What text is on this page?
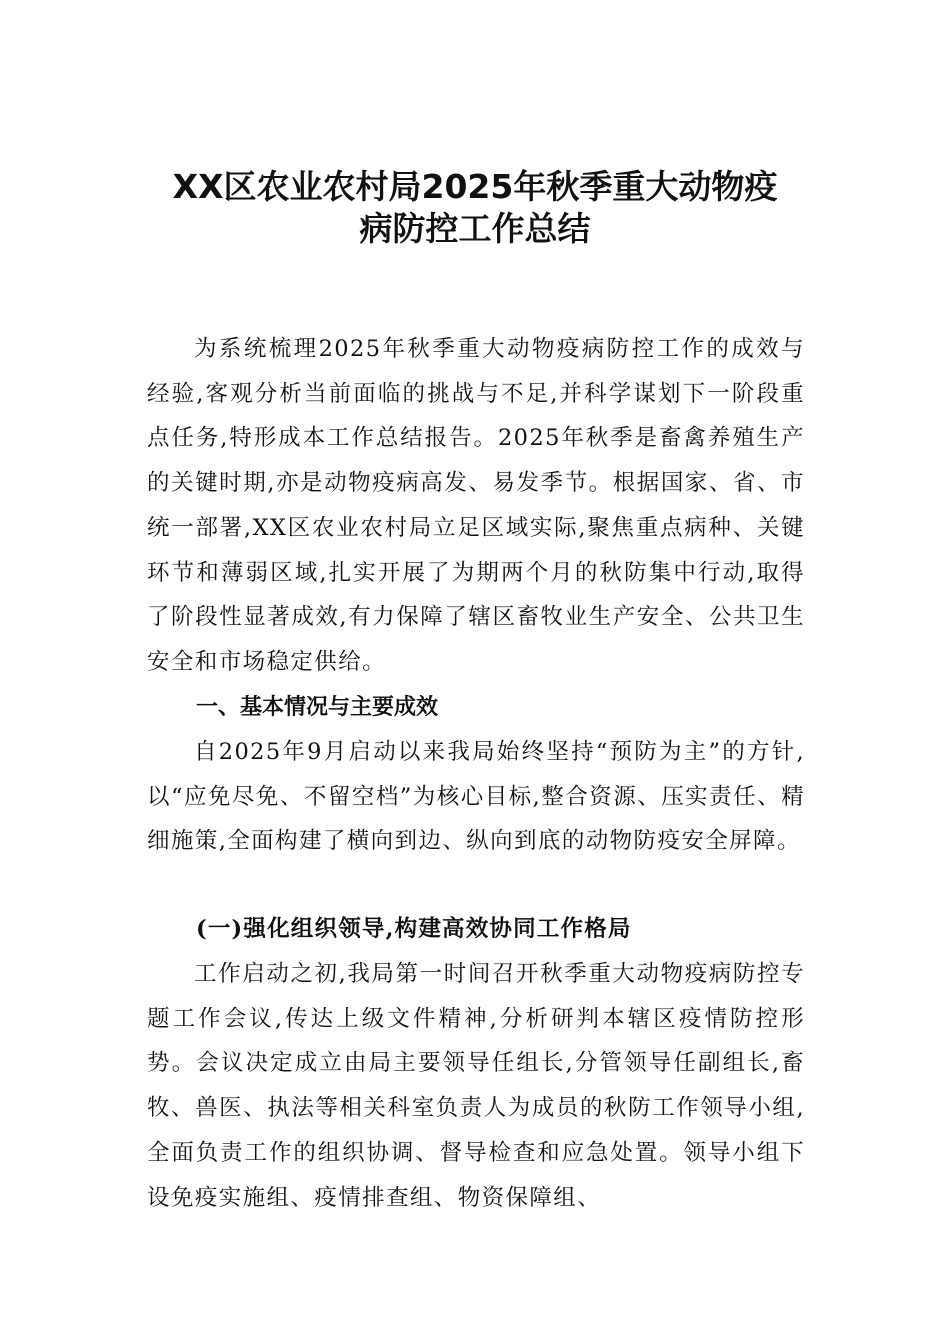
XX区农业农村局2025年秋季重大动物疫
病防控工作总结

为系统梳理2025年秋季重大动物疫病防控工作的成效与经验,客观分析当前面临的挑战与不足,并科学谋划下一阶段重点任务,特形成本工作总结报告。2025年秋季是畜禽养殖生产的关键时期,亦是动物疫病高发、易发季节。根据国家、省、市统一部署,XX区农业农村局立足区域实际,聚焦重点病种、关键环节和薄弱区域,扎实开展了为期两个月的秋防集中行动,取得了阶段性显著成效,有力保障了辖区畜牧业生产安全、公共卫生安全和市场稳定供给。

一、基本情况与主要成效

自2025年9月启动以来我局始终坚持“预防为主”的方针,以“应免尽免、不留空档”为核心目标,整合资源、压实责任、精细施策,全面构建了横向到边、纵向到底的动物防疫安全屏障。

(一)强化组织领导,构建高效协同工作格局

工作启动之初,我局第一时间召开秋季重大动物疫病防控专题工作会议,传达上级文件精神,分析研判本辖区疫情防控形势。会议决定成立由局主要领导任组长,分管领导任副组长,畜牧、兽医、执法等相关科室负责人为成员的秋防工作领导小组,全面负责工作的组织协调、督导检查和应急处置。领导小组下设免疫实施组、疫情排查组、物资保障组、
